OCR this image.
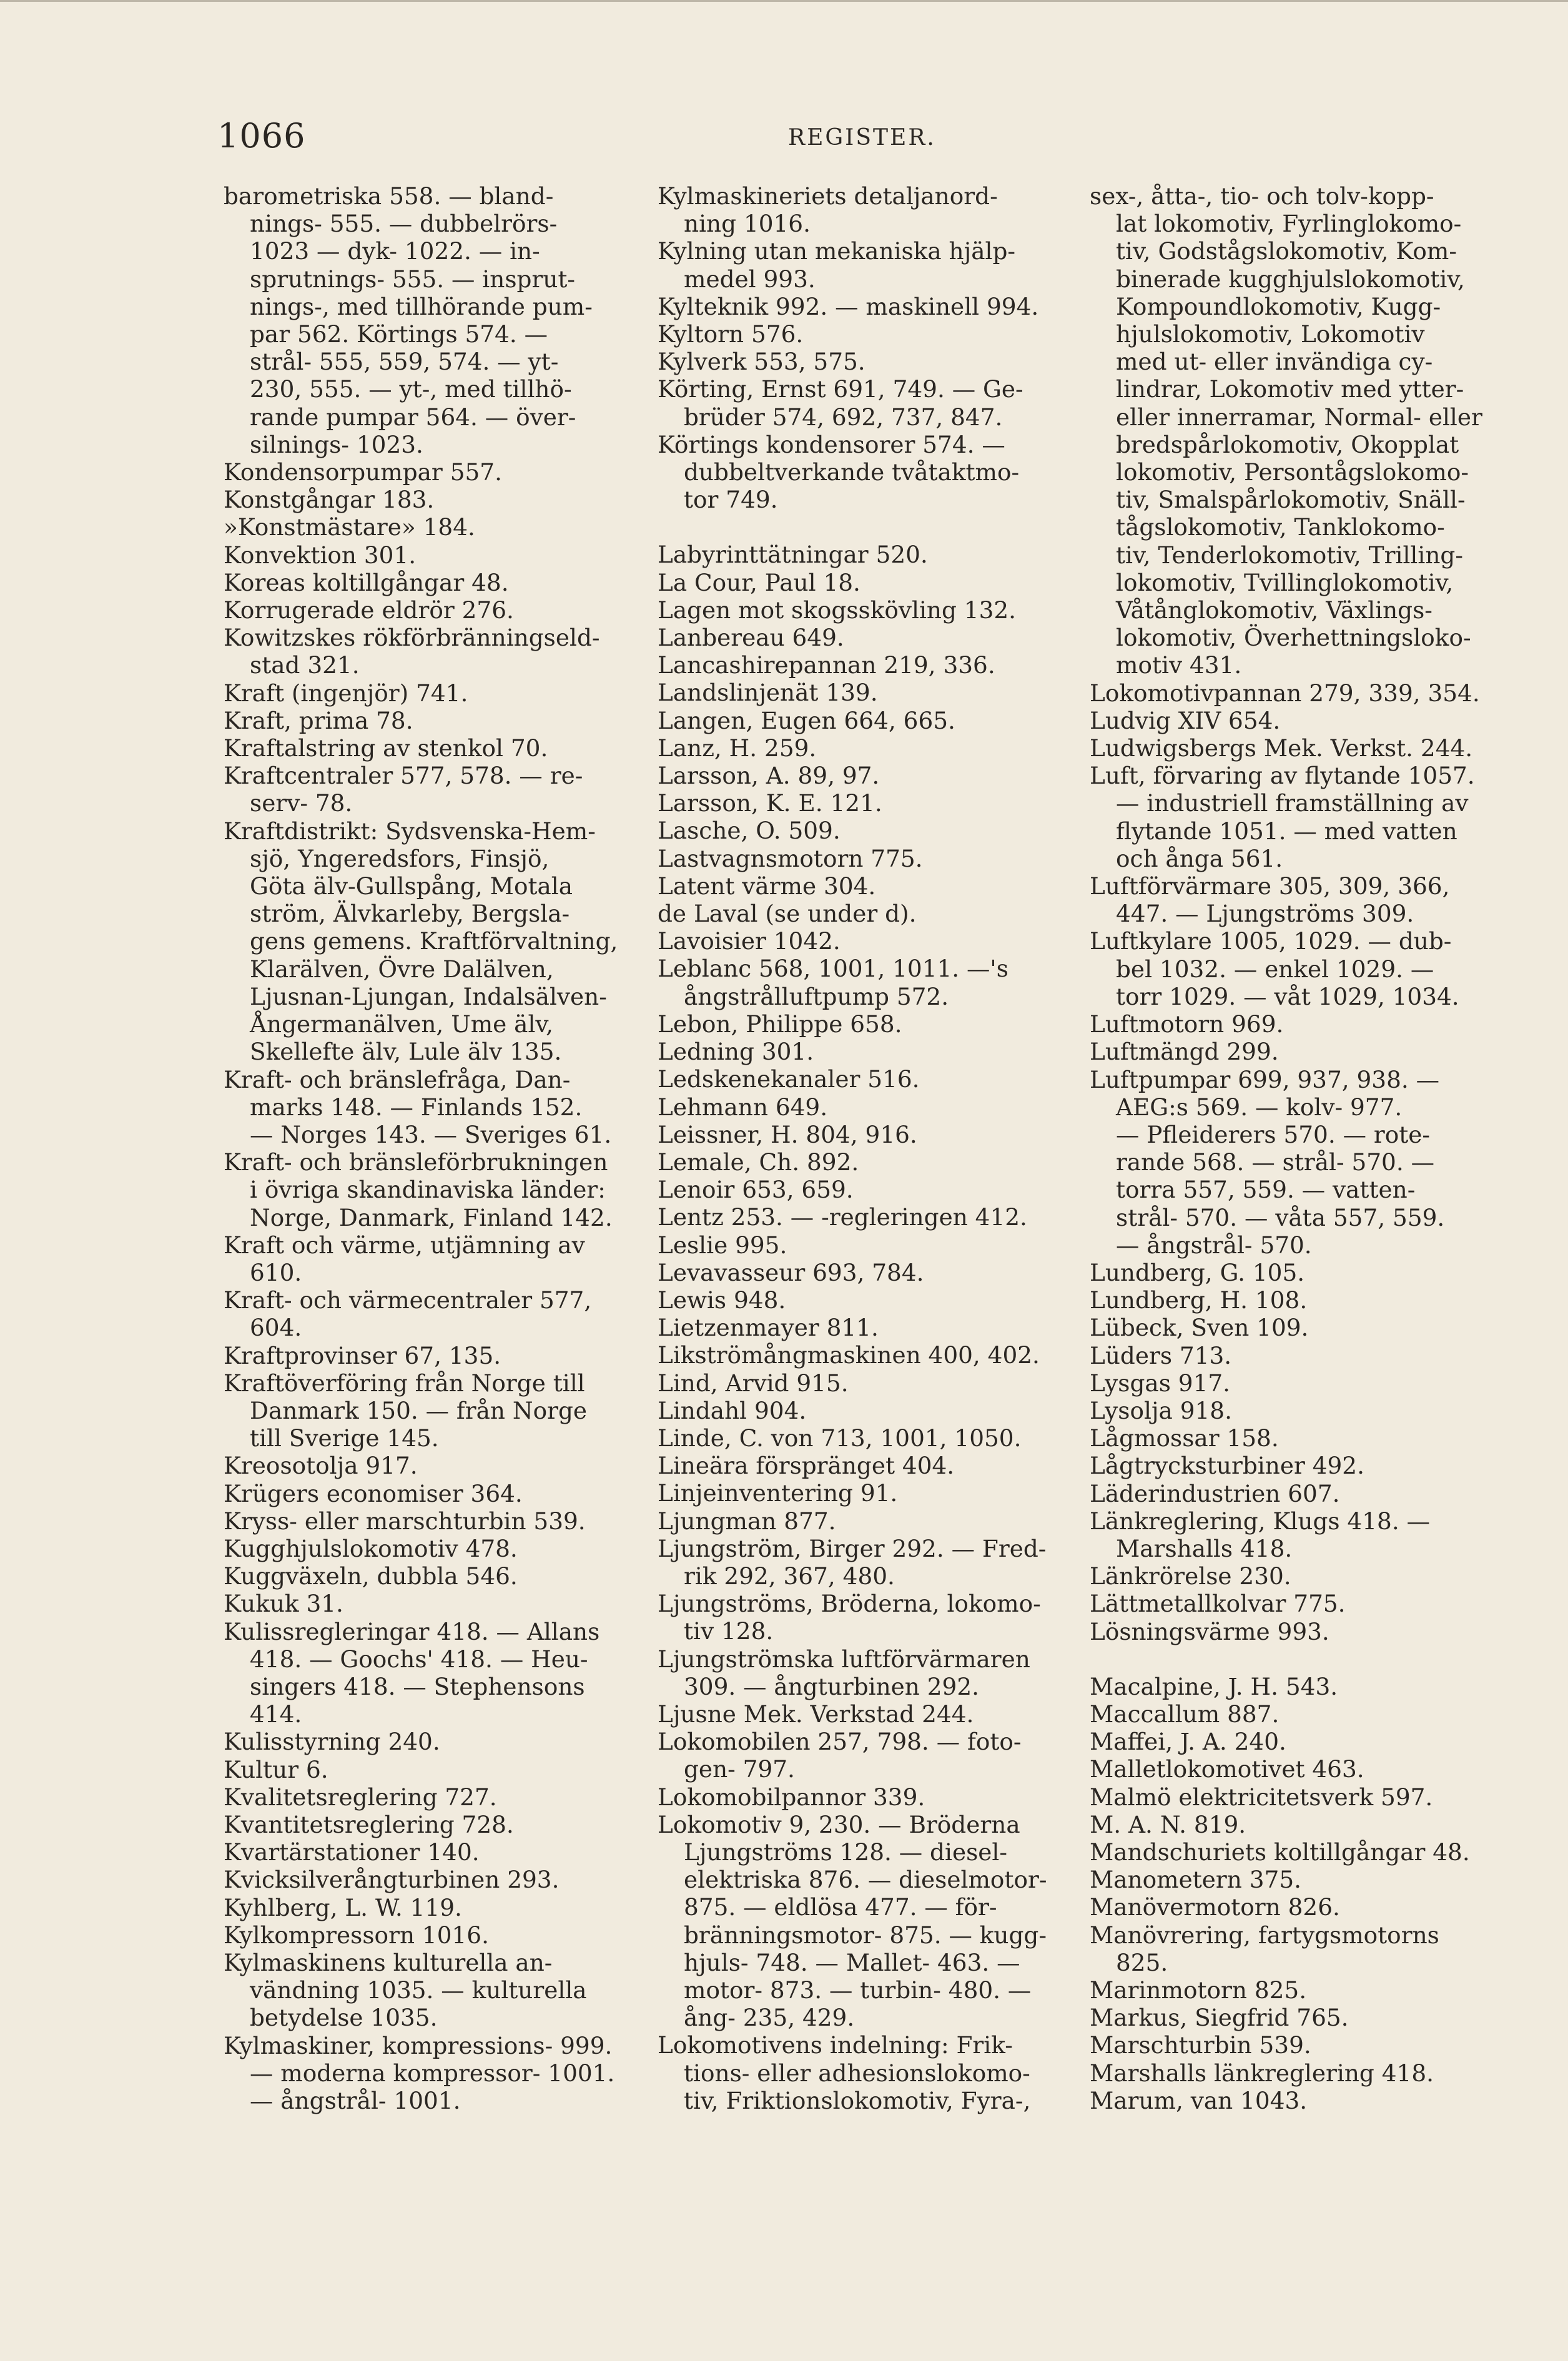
1066	REGISTER.
barometriska 558. — bland-
nings- 555. — dubbelrörs-
1023 — dyk- 1022. — in-
sprutnings- 555. — insprut-
nings-, med tillhörande pum-
par 562. Körtings 574. —
strål- 555, 559, 574. — yt-
230, 555. — yt-, med tillhö-
rande pumpar 564. — över-
silnings- 1023.
Kondensorpumpar 557.
Konstgångar 183.
»Konstmästare» 184.
Konvektion 301.
Koreas koltillgångar 48.
Korrugerade eldrör 276.
Kowitzskes rökförbränningseld-
stad 321.
Kraft (ingenjör) 741.
Kraft, prima 78.
Kraftalstring av stenkol 70.
Kraftcentraler 577, 578. — re-
serv- 78.
Kraftdistrikt: Sydsvenska-Hem-
sjö, Yngeredsfors, Finsjö,
Göta älv-Gullspång, Motala
ström, Älvkarleby, Bergsla-
gens gemens. Kraftförvaltning,
Klarälven, Övre Dalälven,
Ljusnan-Ljungan, Indalsälven-
Ångermanälven, Ume älv,
Skellefte älv, Lule älv 135.
Kraft- och bränslefråga, Dan-
marks 148. — Finlands 152.
— Norges 143. — Sveriges 61.
Kraft- och bränsleförbrukningen
i övriga skandinaviska länder:
Norge, Danmark, Finland 142.
Kraft och värme, utjämning av
610.
Kraft- och värmecentraler 577,
604.
Kraftprovinser 67, 135.
Kraftöverföring från Norge till
Danmark 150. — från Norge
till Sverige 145.
Kreosotolja 917.
Krügers economiser 364.
Kryss- eller marschturbin 539.
Kugghjulslokomotiv 478.
Kuggväxeln, dubbla 546.
Kukuk 31.
Kulissregleringar 418. — Allans
418. — Goochs' 418. — Heu-
singers 418. — Stephensons
414.
Kulisstyrning 240.
Kultur 6.
Kvalitetsreglering 727.
Kvantitetsreglering 728.
Kvartärstationer 140.
Kvicksilverångturbinen 293.
Kyhlberg, L. W. 119.
Kylkompressorn 1016.
Kylmaskinens kulturella an-
vändning 1035. — kulturella
betydelse 1035.
Kylmaskiner, kompressions- 999.
— moderna kompressor- 1001.
— ångstrål- 1001.
Kylmaskineriets detaljanord-
ning 1016.
Kylning utan mekaniska hjälp-
medel 993.
Kylteknik 992. — maskinell 994.
Kyltorn 576.
Kylverk 553, 575.
Körting, Ernst 691, 749. — Ge-
brüder 574, 692, 737, 847.
Körtings kondensorer 574. —
dubbeltverkande tvåtaktmo-
tor 749.
Labyrinttätningar 520.
La Cour, Paul 18.
Lagen mot skogsskövling 132.
Lanbereau 649.
Lancashirepannan 219, 336.
Landslinjenät 139.
Langen, Eugen 664, 665.
Lanz, H. 259.
Larsson, A. 89, 97.
Larsson, K. E. 121.
Lasche, O. 509.
Lastvagnsmotorn 775.
Latent värme 304.
de Laval (se under d).
Lavoisier 1042.
Leblanc 568, 1001, 1011. —'s
ångstrålluftpump 572.
Lebon, Philippe 658.
Ledning 301.
Ledskenekanaler 516.
Lehmann 649.
Leissner, H. 804, 916.
Lemale, Ch. 892.
Lenoir 653, 659.
Lentz 253. — -regleringen 412.
Leslie 995.
Levavasseur 693, 784.
Lewis 948.
Lietzenmayer 811.
Likströmångmaskinen 400, 402.
Lind, Arvid 915.
Lindahl 904.
Linde, C. von 713, 1001, 1050.
Lineära förspränget 404.
Linjeinventering 91.
Ljungman 877.
Ljungström, Birger 292. — Fred-
rik 292, 367, 480.
Ljungströms, Bröderna, lokomo-
tiv 128.
Ljungströmska luftförvärmaren
309. — ångturbinen 292.
Ljusne Mek. Verkstad 244.
Lokomobilen 257, 798. — foto-
gen- 797.
Lokomobilpannor 339.
Lokomotiv 9, 230. — Bröderna
Ljungströms 128. — diesel-
elektriska 876. — dieselmotor-
875. — eldlösa 477. — för-
bränningsmotor- 875. — kugg-
hjuls- 748. — Mallet- 463. —
motor- 873. — turbin- 480. —
ång- 235, 429.
Lokomotivens indelning: Frik-
tions- eller adhesionslokomo-
tiv, Friktionslokomotiv, Fyra-,
sex-, åtta-, tio- och tolv-kopp-
lat lokomotiv, Fyrlinglokomo-
tiv, Godstågslokomotiv, Kom-
binerade kugghjulslokomotiv,
Kompoundlokomotiv, Kugg-
hjulslokomotiv, Lokomotiv
med ut- eller invändiga cy-
lindrar, Lokomotiv med ytter-
eller innerramar, Normal- eller
bredspårlokomotiv, Okopplat
lokomotiv, Persontågslokomo-
tiv, Smalspårlokomotiv, Snäll-
tågslokomotiv, Tanklokomo-
tiv, Tenderlokomotiv, Trilling-
lokomotiv, Tvillinglokomotiv,
Våtånglokomotiv, Växlings-
lokomotiv, Överhettningsloko-
motiv 431.
Lokomotivpannan 279, 339, 354.
Ludvig XIV 654.
Ludwigsbergs Mek. Verkst. 244.
Luft, förvaring av flytande 1057.
— industriell framställning av
flytande 1051. — med vatten
och ånga 561.
Luftförvärmare 305, 309, 366,
447. — Ljungströms 309.
Luftkylare 1005, 1029. — dub-
bel 1032. — enkel 1029. —
torr 1029. — våt 1029, 1034.
Luftmotorn 969.
Luftmängd 299.
Luftpumpar 699, 937, 938. —
AEG:s 569. — kolv- 977.
— Pfleiderers 570. — rote-
rande 568. — strål- 570. —
torra 557, 559. — vatten-
strål- 570. — våta 557, 559.
— ångstrål- 570.
Lundberg, G. 105.
Lundberg, H. 108.
Lübeck, Sven 109.
Lüders 713.
Lysgas 917.
Lysolja 918.
Lågmossar 158.
Lågtrycksturbiner 492.
Läderindustrien 607.
Länkreglering, Klugs 418. —
Marshalls 418.
Länkrörelse 230.
Lättmetallkolvar 775.
Lösningsvärme 993.
Macalpine, J. H. 543.
Maccallum 887.
Maffei, J. A. 240.
Malletlokomotivet 463.
Malmö elektricitetsverk 597.
M. A. N. 819.
Mandschuriets koltillgångar 48.
Manometern 375.
Manövermotorn 826.
Manövrering, fartygsmotorns
825.
Marinmotorn 825.
Markus, Siegfrid 765.
Marschturbin 539.
Marshalls länkreglering 418.
Marum, van 1043.
